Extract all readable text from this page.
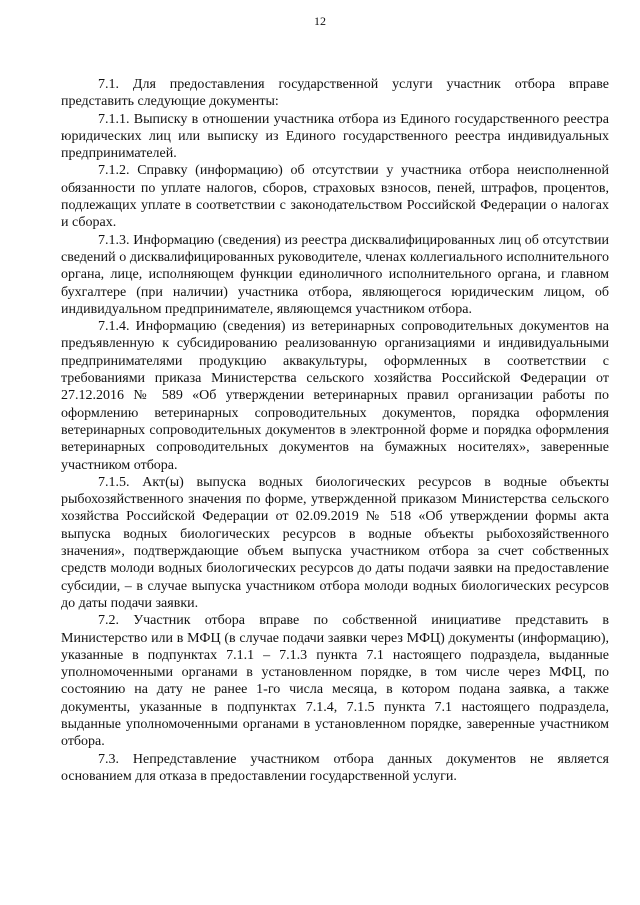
12

7.1. Для предоставления государственной услуги участник отбора вправе представить следующие документы:

7.1.1. Выписку в отношении участника отбора из Единого государственного реестра юридических лиц или выписку из Единого государственного реестра индивидуальных предпринимателей.

7.1.2. Справку (информацию) об отсутствии у участника отбора неисполненной обязанности по уплате налогов, сборов, страховых взносов, пеней, штрафов, процентов, подлежащих уплате в соответствии с законодательством Российской Федерации о налогах и сборах.

7.1.3. Информацию (сведения) из реестра дисквалифицированных лиц об отсутствии сведений о дисквалифицированных руководителе, членах коллегиального исполнительного органа, лице, исполняющем функции единоличного исполнительного органа, и главном бухгалтере (при наличии) участника отбора, являющегося юридическим лицом, об индивидуальном предпринимателе, являющемся участником отбора.

7.1.4. Информацию (сведения) из ветеринарных сопроводительных документов на предъявленную к субсидированию реализованную организациями и индивидуальными предпринимателями продукцию аквакультуры, оформленных в соответствии с требованиями приказа Министерства сельского хозяйства Российской Федерации от 27.12.2016 № 589 «Об утверждении ветеринарных правил организации работы по оформлению ветеринарных сопроводительных документов, порядка оформления ветеринарных сопроводительных документов в электронной форме и порядка оформления ветеринарных сопроводительных документов на бумажных носителях», заверенные участником отбора.

7.1.5. Акт(ы) выпуска водных биологических ресурсов в водные объекты рыбохозяйственного значения по форме, утвержденной приказом Министерства сельского хозяйства Российской Федерации от 02.09.2019 № 518 «Об утверждении формы акта выпуска водных биологических ресурсов в водные объекты рыбохозяйственного значения», подтверждающие объем выпуска участником отбора за счет собственных средств молоди водных биологических ресурсов до даты подачи заявки на предоставление субсидии, – в случае выпуска участником отбора молоди водных биологических ресурсов до даты подачи заявки.

7.2. Участник отбора вправе по собственной инициативе представить в Министерство или в МФЦ (в случае подачи заявки через МФЦ) документы (информацию), указанные в подпунктах 7.1.1 – 7.1.3 пункта 7.1 настоящего подраздела, выданные уполномоченными органами в установленном порядке, в том числе через МФЦ, по состоянию на дату не ранее 1-го числа месяца, в котором подана заявка, а также документы, указанные в подпунктах 7.1.4, 7.1.5 пункта 7.1 настоящего подраздела, выданные уполномоченными органами в установленном порядке, заверенные участником отбора.

7.3. Непредставление участником отбора данных документов не является основанием для отказа в предоставлении государственной услуги.
